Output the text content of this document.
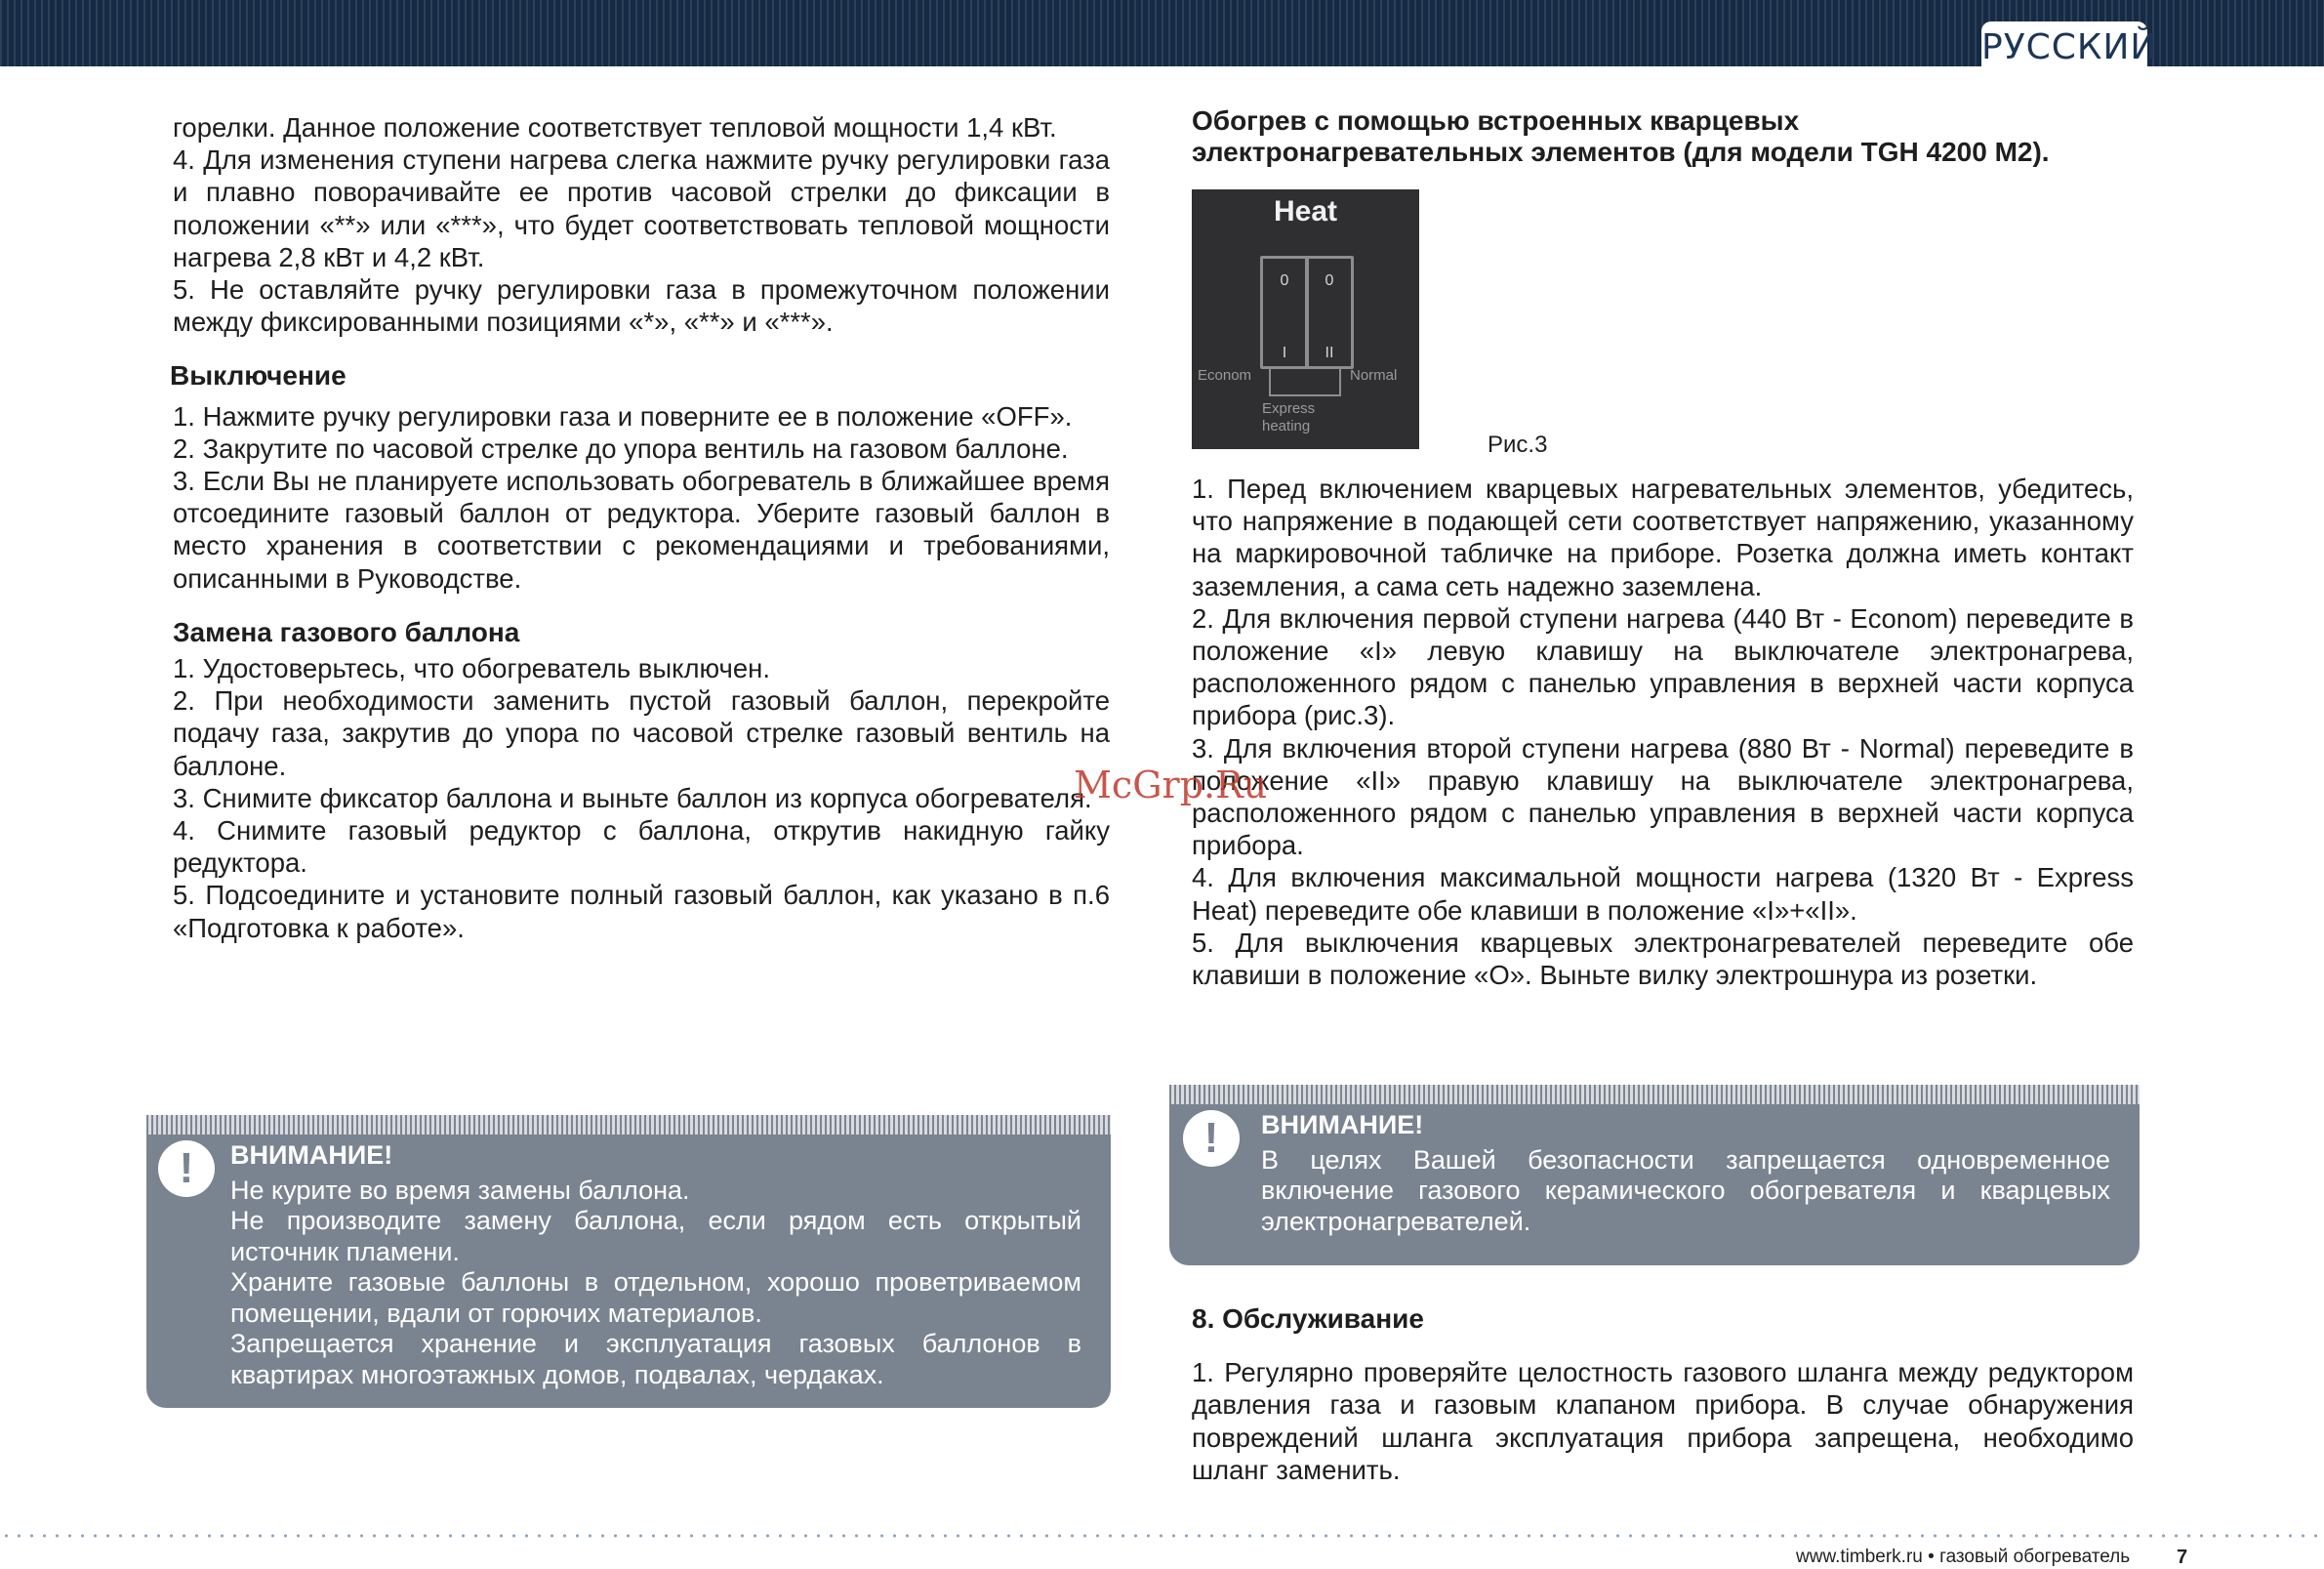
РУССКИЙ

горелки. Данное положение соответствует тепловой мощности 1,4 кВт.

4. Для изменения ступени нагрева слегка нажмите ручку регулировки газа и плавно поворачивайте ее против часовой стрелки до фиксации в положении «**» или «***», что будет соответствовать тепловой мощности нагрева 2,8 кВт и 4,2 кВт.

5. Не оставляйте ручку регулировки газа в промежуточном положении между фиксированными позициями «*», «**» и «***».

Выключение

1. Нажмите ручку регулировки газа и поверните ее в положение «OFF».

2. Закрутите по часовой стрелке до упора вентиль на газовом баллоне.

3. Если Вы не планируете использовать обогреватель в ближайшее время отсоедините газовый баллон от редуктора. Уберите газовый баллон в место хранения в соответствии с рекомендациями и требованиями, описанными в Руководстве.

Замена газового баллона

1. Удостоверьтесь, что обогреватель выключен.

2. При необходимости заменить пустой газовый баллон, перекройте подачу газа, закрутив до упора по часовой стрелке газовый вентиль на баллоне.

3. Снимите фиксатор баллона и выньте баллон из корпуса обогревателя.

4. Снимите газовый редуктор с баллона, открутив накидную гайку редуктора.

5. Подсоедините и установите полный газовый баллон, как указано в п.6 «Подготовка к работе».

!	ВНИМАНИЕ!

Не курите во время замены баллона.

Не производите замену баллона, если рядом есть открытый источник пламени.

Храните газовые баллоны в отдельном, хорошо проветриваемом помещении, вдали от горючих материалов.

Запрещается хранение и эксплуатация газовых баллонов в квартирах многоэтажных домов, подвалах, чердаках.

Обогрев с помощью встроенных кварцевых электронагревательных элементов (для модели TGH 4200 M2).
Heat
0
I
0
II
Econom	Normal
Express heating
Рис.3

1. Перед включением кварцевых нагревательных элементов, убедитесь, что напряжение в подающей сети соответствует напряжению, указанному на маркировочной табличке на приборе. Розетка должна иметь контакт заземления, а сама сеть надежно заземлена.

2. Для включения первой ступени нагрева (440 Вт - Econom) переведите в положение «I» левую клавишу на выключателе электронагрева, расположенного рядом с панелью управления в верхней части корпуса прибора (рис.3).

3. Для включения второй ступени нагрева (880 Вт - Normal) переведите в положение «II» правую клавишу на выключателе электронагрева, расположенного рядом с панелью управления в верхней части корпуса прибора.

4. Для включения максимальной мощности нагрева (1320 Вт - Express Heat) переведите обе клавиши в положение «I»+«II».

5. Для выключения кварцевых электронагревателей переведите обе клавиши в положение «O». Выньте вилку электрошнура из розетки.

!	ВНИМАНИЕ!

В целях Вашей безопасности запрещается одновременное включение газового керамического обогревателя и кварцевых электронагревателей.

8. Обслуживание

1. Регулярно проверяйте целостность газового шланга между редуктором давления газа и газовым клапаном прибора. В случае обнаружения повреждений шланга эксплуатация прибора запрещена, необходимо шланг заменить.

McGrp.Ru
www.timberk.ru • газовый обогреватель 7
